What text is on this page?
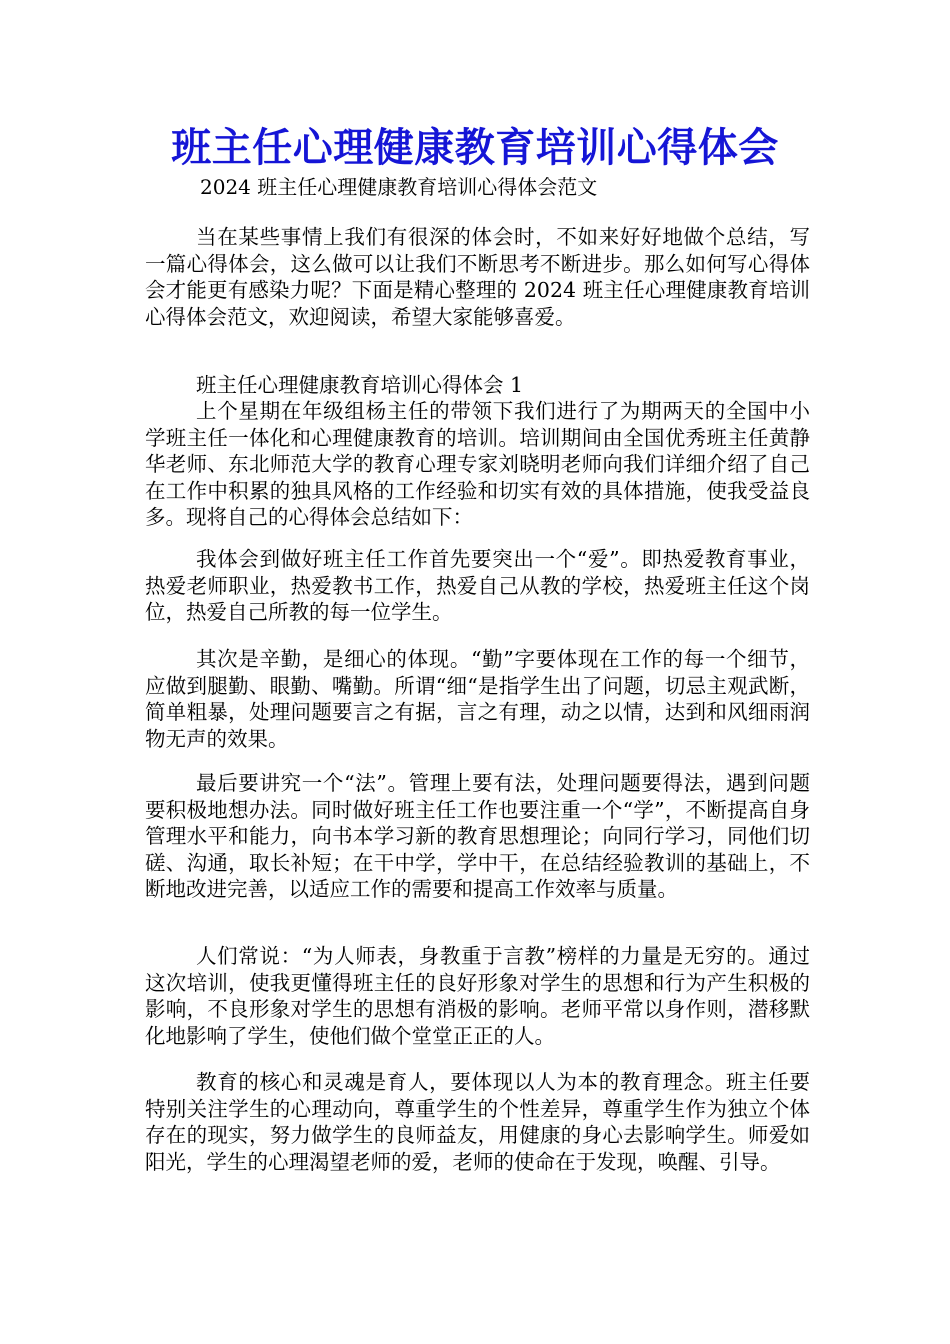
班主任心理健康教育培训心得体会
2024 班主任心理健康教育培训心得体会范文

当在某些事情上我们有很深的体会时，不如来好好地做个总结，写一篇心得体会，这么做可以让我们不断思考不断进步。那么如何写心得体会才能更有感染力呢？下面是精心整理的 2024 班主任心理健康教育培训心得体会范文，欢迎阅读，希望大家能够喜爱。

班主任心理健康教育培训心得体会 1

上个星期在年级组杨主任的带领下我们进行了为期两天的全国中小学班主任一体化和心理健康教育的培训。培训期间由全国优秀班主任黄静华老师、东北师范大学的教育心理专家刘晓明老师向我们详细介绍了自己在工作中积累的独具风格的工作经验和切实有效的具体措施，使我受益良多。现将自己的心得体会总结如下：

我体会到做好班主任工作首先要突出一个“爱”。即热爱教育事业，热爱老师职业，热爱教书工作，热爱自己从教的学校，热爱班主任这个岗位，热爱自己所教的每一位学生。

其次是辛勤，是细心的体现。“勤”字要体现在工作的每一个细节，应做到腿勤、眼勤、嘴勤。所谓“细“是指学生出了问题，切忌主观武断，简单粗暴，处理问题要言之有据，言之有理，动之以情，达到和风细雨润物无声的效果。

最后要讲究一个“法”。管理上要有法，处理问题要得法，遇到问题要积极地想办法。同时做好班主任工作也要注重一个“学”，不断提高自身管理水平和能力，向书本学习新的教育思想理论；向同行学习，同他们切磋、沟通，取长补短；在干中学，学中干，在总结经验教训的基础上，不断地改进完善，以适应工作的需要和提高工作效率与质量。

人们常说：“为人师表，身教重于言教”榜样的力量是无穷的。通过这次培训，使我更懂得班主任的良好形象对学生的思想和行为产生积极的影响，不良形象对学生的思想有消极的影响。老师平常以身作则，潜移默化地影响了学生，使他们做个堂堂正正的人。

教育的核心和灵魂是育人，要体现以人为本的教育理念。班主任要特别关注学生的心理动向，尊重学生的个性差异，尊重学生作为独立个体存在的现实，努力做学生的良师益友，用健康的身心去影响学生。师爱如阳光，学生的心理渴望老师的爱，老师的使命在于发现，唤醒、引导。
